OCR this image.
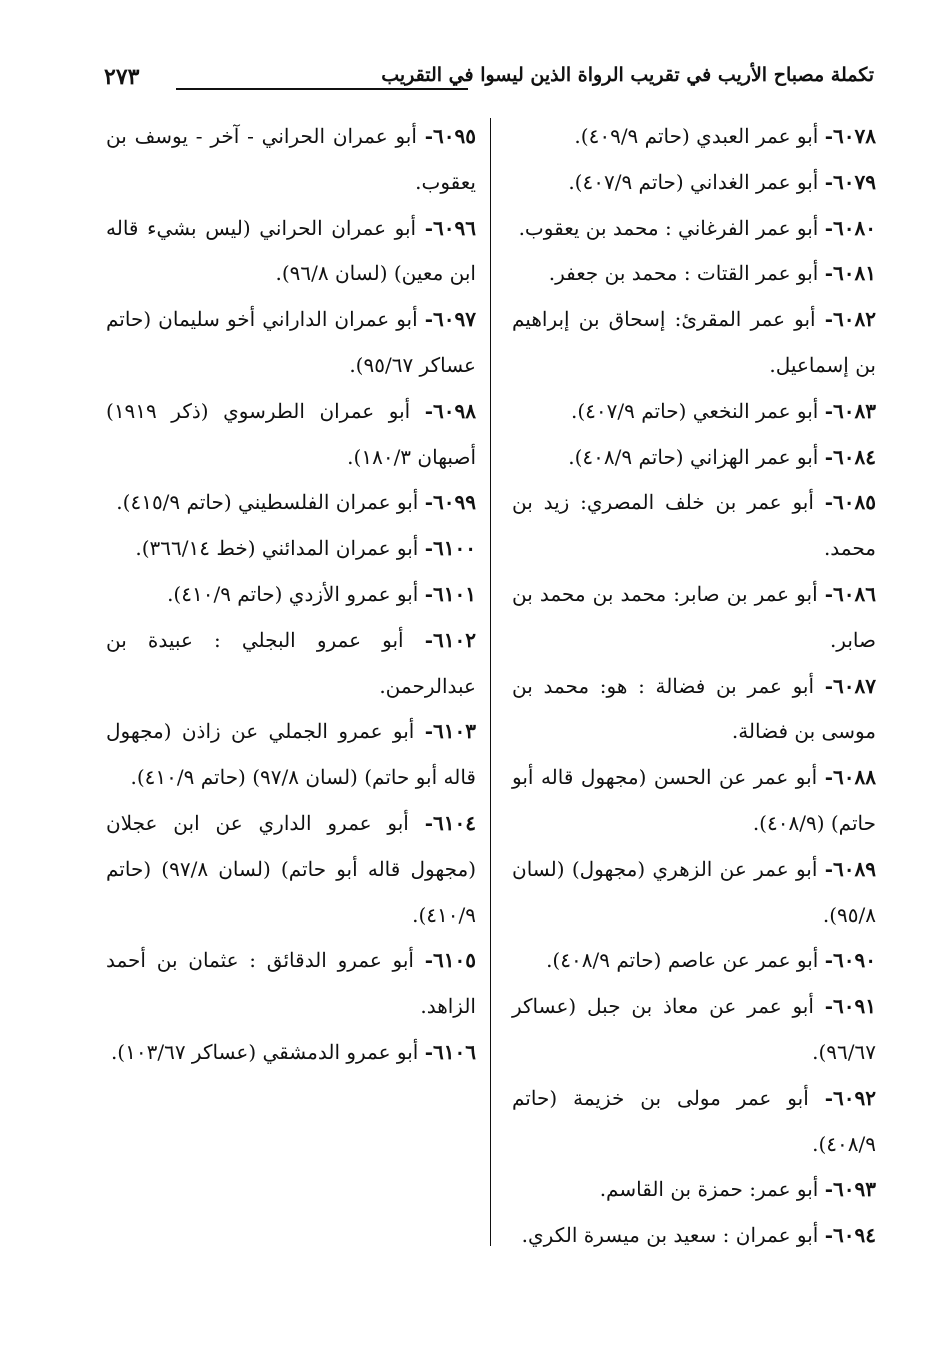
تكملة مصباح الأريب في تقريب الرواة الذين ليسوا في التقريب
٢٧٣

٦٠٧٨- أبو عمر العبدي (حاتم ٤٠٩/٩).

٦٠٧٩- أبو عمر الغداني (حاتم ٤٠٧/٩).

٦٠٨٠- أبو عمر الفرغاني : محمد بن يعقوب.

٦٠٨١- أبو عمر القتات : محمد بن جعفر.

٦٠٨٢- أبو عمر المقرئ: إسحاق بن إبراهيم بن إسماعيل.

٦٠٨٣- أبو عمر النخعي (حاتم ٤٠٧/٩).

٦٠٨٤- أبو عمر الهزاني (حاتم ٤٠٨/٩).

٦٠٨٥- أبو عمر بن خلف المصري: زيد بن محمد.

٦٠٨٦- أبو عمر بن صابر: محمد بن محمد بن صابر.

٦٠٨٧- أبو عمر بن فضالة : هو: محمد بن موسى بن فضالة.

٦٠٨٨- أبو عمر عن الحسن (مجهول قاله أبو حاتم) (٤٠٨/٩).

٦٠٨٩- أبو عمر عن الزهري (مجهول) (لسان ٩٥/٨).

٦٠٩٠- أبو عمر عن عاصم (حاتم ٤٠٨/٩).

٦٠٩١- أبو عمر عن معاذ بن جبل (عساكر ٩٦/٦٧).

٦٠٩٢- أبو عمر مولى بن خزيمة (حاتم ٤٠٨/٩).

٦٠٩٣- أبو عمر: حمزة بن القاسم.

٦٠٩٤- أبو عمران : سعيد بن ميسرة الكري.

٦٠٩٥- أبو عمران الحراني - آخر - يوسف بن يعقوب.

٦٠٩٦- أبو عمران الحراني (ليس بشيء قاله ابن معين) (لسان ٩٦/٨).

٦٠٩٧- أبو عمران الداراني أخو سليمان (حاتم عساكر ٩٥/٦٧).

٦٠٩٨- أبو عمران الطرسوي (ذكر ١٩١٩) أصبهان ١٨٠/٣).

٦٠٩٩- أبو عمران الفلسطيني (حاتم ٤١٥/٩).

٦١٠٠- أبو عمران المدائني (خط ٣٦٦/١٤).

٦١٠١- أبو عمرو الأزدي (حاتم ٤١٠/٩).

٦١٠٢- أبو عمرو البجلي : عبيدة بن عبدالرحمن.

٦١٠٣- أبو عمرو الجملي عن زاذن (مجهول قاله أبو حاتم) (لسان ٩٧/٨) (حاتم ٤١٠/٩).

٦١٠٤- أبو عمرو الداري عن ابن عجلان (مجهول قاله أبو حاتم) (لسان ٩٧/٨) (حاتم ٤١٠/٩).

٦١٠٥- أبو عمرو الدقائق : عثمان بن أحمد الزاهد.

٦١٠٦- أبو عمرو الدمشقي (عساكر ١٠٣/٦٧).
